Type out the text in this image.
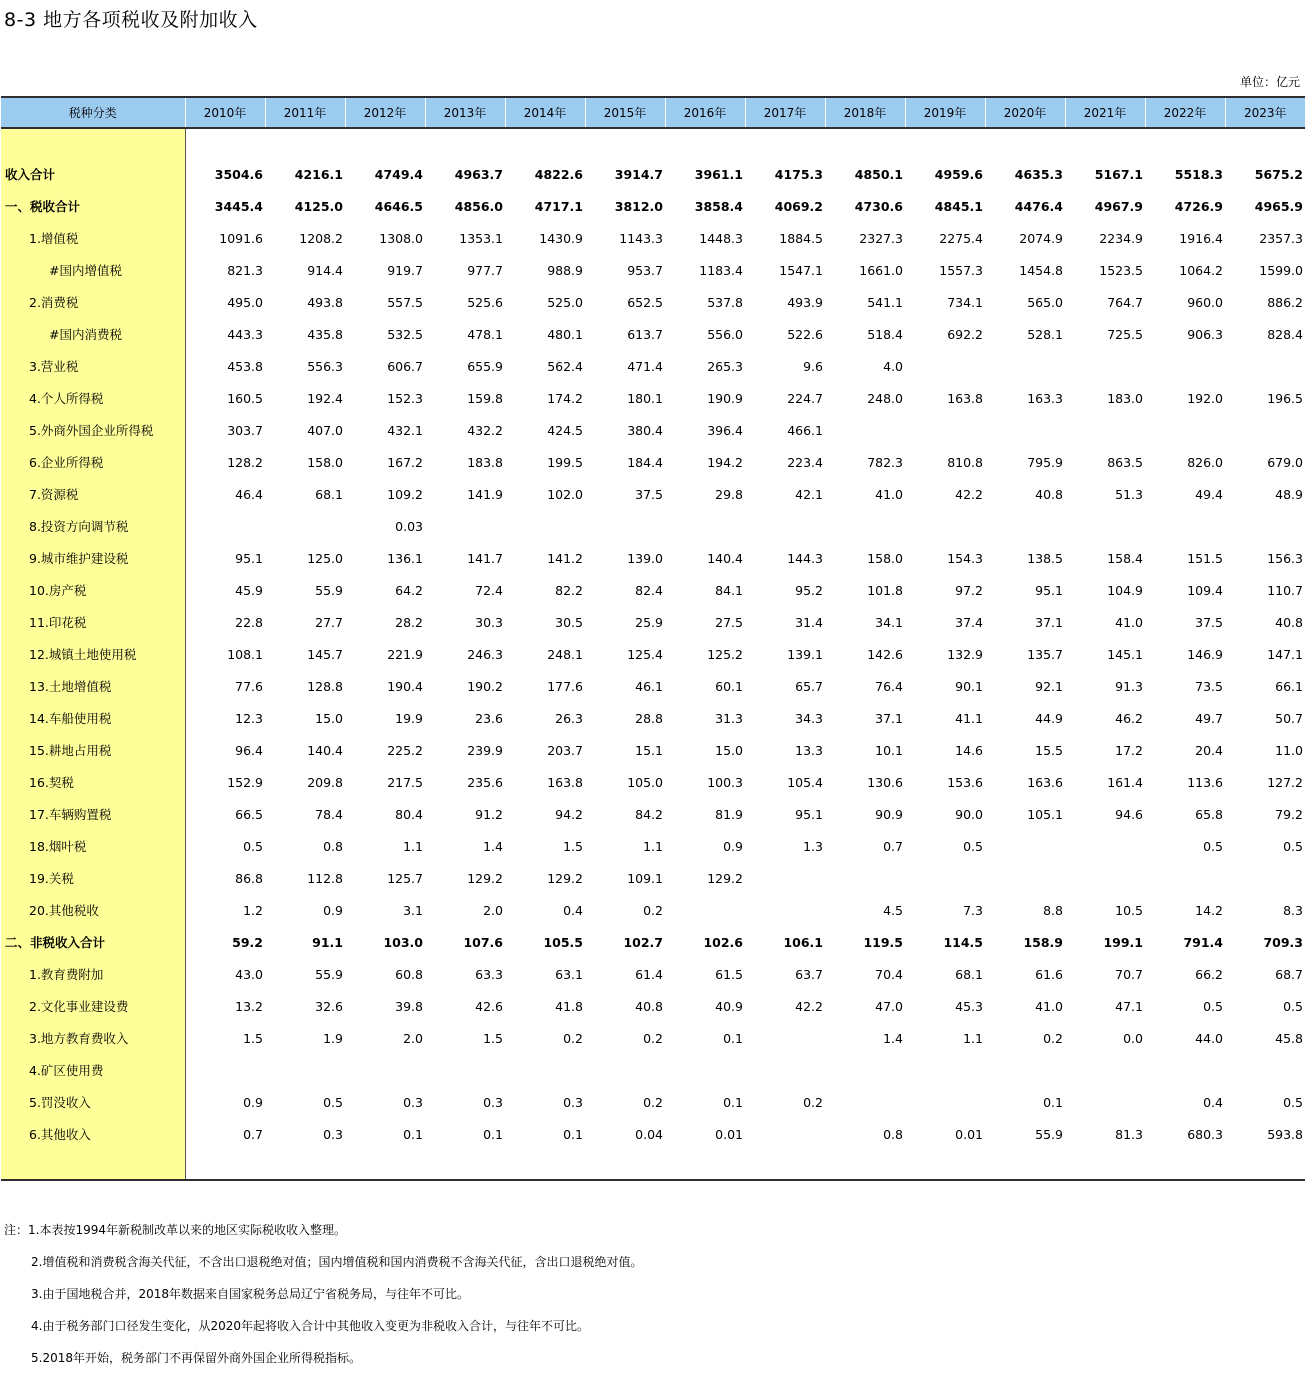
8-3 地方各项税收及附加收入
单位：亿元
税种分类	2010年	2011年	2012年	2013年	2014年	2015年	2016年	2017年	2018年	2019年	2020年	2021年	2022年	2023年

收入合计	3504.6	4216.1	4749.4	4963.7	4822.6	3914.7	3961.1	4175.3	4850.1	4959.6	4635.3	5167.1	5518.3	5675.2
一、税收合计	3445.4	4125.0	4646.5	4856.0	4717.1	3812.0	3858.4	4069.2	4730.6	4845.1	4476.4	4967.9	4726.9	4965.9
1.增值税	1091.6	1208.2	1308.0	1353.1	1430.9	1143.3	1448.3	1884.5	2327.3	2275.4	2074.9	2234.9	1916.4	2357.3
#国内增值税	821.3	914.4	919.7	977.7	988.9	953.7	1183.4	1547.1	1661.0	1557.3	1454.8	1523.5	1064.2	1599.0
2.消费税	495.0	493.8	557.5	525.6	525.0	652.5	537.8	493.9	541.1	734.1	565.0	764.7	960.0	886.2
#国内消费税	443.3	435.8	532.5	478.1	480.1	613.7	556.0	522.6	518.4	692.2	528.1	725.5	906.3	828.4
3.营业税	453.8	556.3	606.7	655.9	562.4	471.4	265.3	9.6	4.0					
4.个人所得税	160.5	192.4	152.3	159.8	174.2	180.1	190.9	224.7	248.0	163.8	163.3	183.0	192.0	196.5
5.外商外国企业所得税	303.7	407.0	432.1	432.2	424.5	380.4	396.4	466.1						
6.企业所得税	128.2	158.0	167.2	183.8	199.5	184.4	194.2	223.4	782.3	810.8	795.9	863.5	826.0	679.0
7.资源税	46.4	68.1	109.2	141.9	102.0	37.5	29.8	42.1	41.0	42.2	40.8	51.3	49.4	48.9
8.投资方向调节税			0.03											
9.城市维护建设税	95.1	125.0	136.1	141.7	141.2	139.0	140.4	144.3	158.0	154.3	138.5	158.4	151.5	156.3
10.房产税	45.9	55.9	64.2	72.4	82.2	82.4	84.1	95.2	101.8	97.2	95.1	104.9	109.4	110.7
11.印花税	22.8	27.7	28.2	30.3	30.5	25.9	27.5	31.4	34.1	37.4	37.1	41.0	37.5	40.8
12.城镇土地使用税	108.1	145.7	221.9	246.3	248.1	125.4	125.2	139.1	142.6	132.9	135.7	145.1	146.9	147.1
13.土地增值税	77.6	128.8	190.4	190.2	177.6	46.1	60.1	65.7	76.4	90.1	92.1	91.3	73.5	66.1
14.车船使用税	12.3	15.0	19.9	23.6	26.3	28.8	31.3	34.3	37.1	41.1	44.9	46.2	49.7	50.7
15.耕地占用税	96.4	140.4	225.2	239.9	203.7	15.1	15.0	13.3	10.1	14.6	15.5	17.2	20.4	11.0
16.契税	152.9	209.8	217.5	235.6	163.8	105.0	100.3	105.4	130.6	153.6	163.6	161.4	113.6	127.2
17.车辆购置税	66.5	78.4	80.4	91.2	94.2	84.2	81.9	95.1	90.9	90.0	105.1	94.6	65.8	79.2
18.烟叶税	0.5	0.8	1.1	1.4	1.5	1.1	0.9	1.3	0.7	0.5			0.5	0.5
19.关税	86.8	112.8	125.7	129.2	129.2	109.1	129.2							
20.其他税收	1.2	0.9	3.1	2.0	0.4	0.2			4.5	7.3	8.8	10.5	14.2	8.3
二、非税收入合计	59.2	91.1	103.0	107.6	105.5	102.7	102.6	106.1	119.5	114.5	158.9	199.1	791.4	709.3
1.教育费附加	43.0	55.9	60.8	63.3	63.1	61.4	61.5	63.7	70.4	68.1	61.6	70.7	66.2	68.7
2.文化事业建设费	13.2	32.6	39.8	42.6	41.8	40.8	40.9	42.2	47.0	45.3	41.0	47.1	0.5	0.5
3.地方教育费收入	1.5	1.9	2.0	1.5	0.2	0.2	0.1		1.4	1.1	0.2	0.0	44.0	45.8
4.矿区使用费														
5.罚没收入	0.9	0.5	0.3	0.3	0.3	0.2	0.1	0.2			0.1		0.4	0.5
6.其他收入	0.7	0.3	0.1	0.1	0.1	0.04	0.01		0.8	0.01	55.9	81.3	680.3	593.8

注：1.本表按1994年新税制改革以来的地区实际税收收入整理。
2.增值税和消费税含海关代征，不含出口退税绝对值；国内增值税和国内消费税不含海关代征，含出口退税绝对值。
3.由于国地税合并，2018年数据来自国家税务总局辽宁省税务局，与往年不可比。
4.由于税务部门口径发生变化，从2020年起将收入合计中其他收入变更为非税收入合计，与往年不可比。
5.2018年开始，税务部门不再保留外商外国企业所得税指标。
